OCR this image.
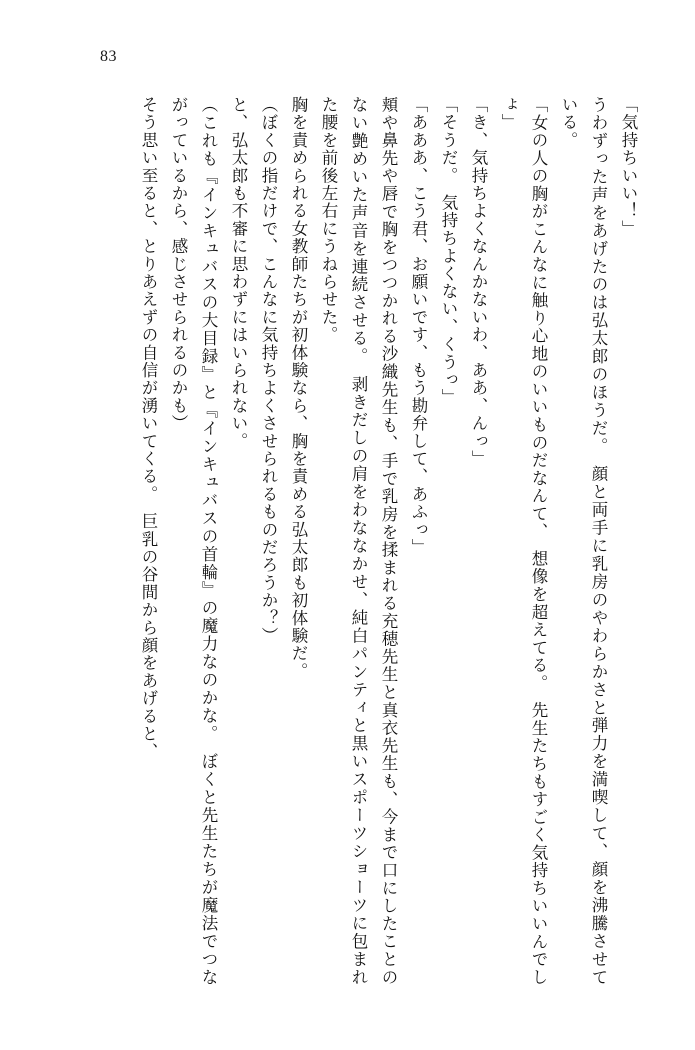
83

「気持ちいい！」

うわずった声をあげたのは弘太郎のほうだ。　顔と両手に乳房のやわらかさと弾力を満喫して、顔を沸騰させている。

「女の人の胸がこんなに触り心地のいいものだなんて、　想像を超えてる。　先生たちもすごく気持ちいいんでしょ」

「き、気持ちよくなんかないわ、ああ、んっ」

「そうだ。　気持ちよくない、くうっ」

「あああ、こう君、お願いです、もう勘弁して、あふっ」

頬や鼻先や唇で胸をつつかれる沙織先生も、手で乳房を揉まれる充穂先生と真衣先生も、今まで口にしたことのない艶めいた声音を連続させる。　剥きだしの肩をわななかせ、純白パンティと黒いスポーツショーツに包まれた腰を前後左右にうねらせた。

胸を責められる女教師たちが初体験なら、胸を責める弘太郎も初体験だ。

（ぼくの指だけで、こんなに気持ちよくさせられるものだろうか？）

と、弘太郎も不審に思わずにはいられない。

（これも『インキュバスの大目録』と『インキュバスの首輪』の魔力なのかな。　ぼくと先生たちが魔法でつながっているから、感じさせられるのかも）

そう思い至ると、とりあえずの自信が湧いてくる。　巨乳の谷間から顔をあげると、
